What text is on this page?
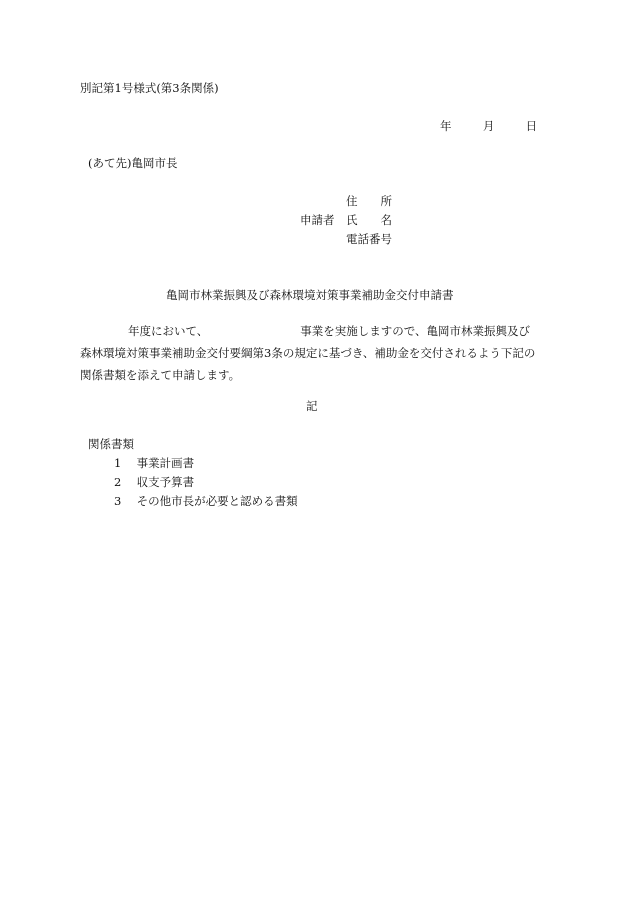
別記第1号様式(第3条関係)
年	月	日
(あて先)亀岡市長
住　　所
申請者 氏　　名
電話番号
亀岡市林業振興及び森林環境対策事業補助金交付申請書
年度において、	事業を実施しますので、亀岡市林業振興及び
森林環境対策事業補助金交付要綱第3条の規定に基づき、補助金を交付されるよう下記の
関係書類を添えて申請します。
記
関係書類
1 事業計画書
2 収支予算書
3 その他市長が必要と認める書類
